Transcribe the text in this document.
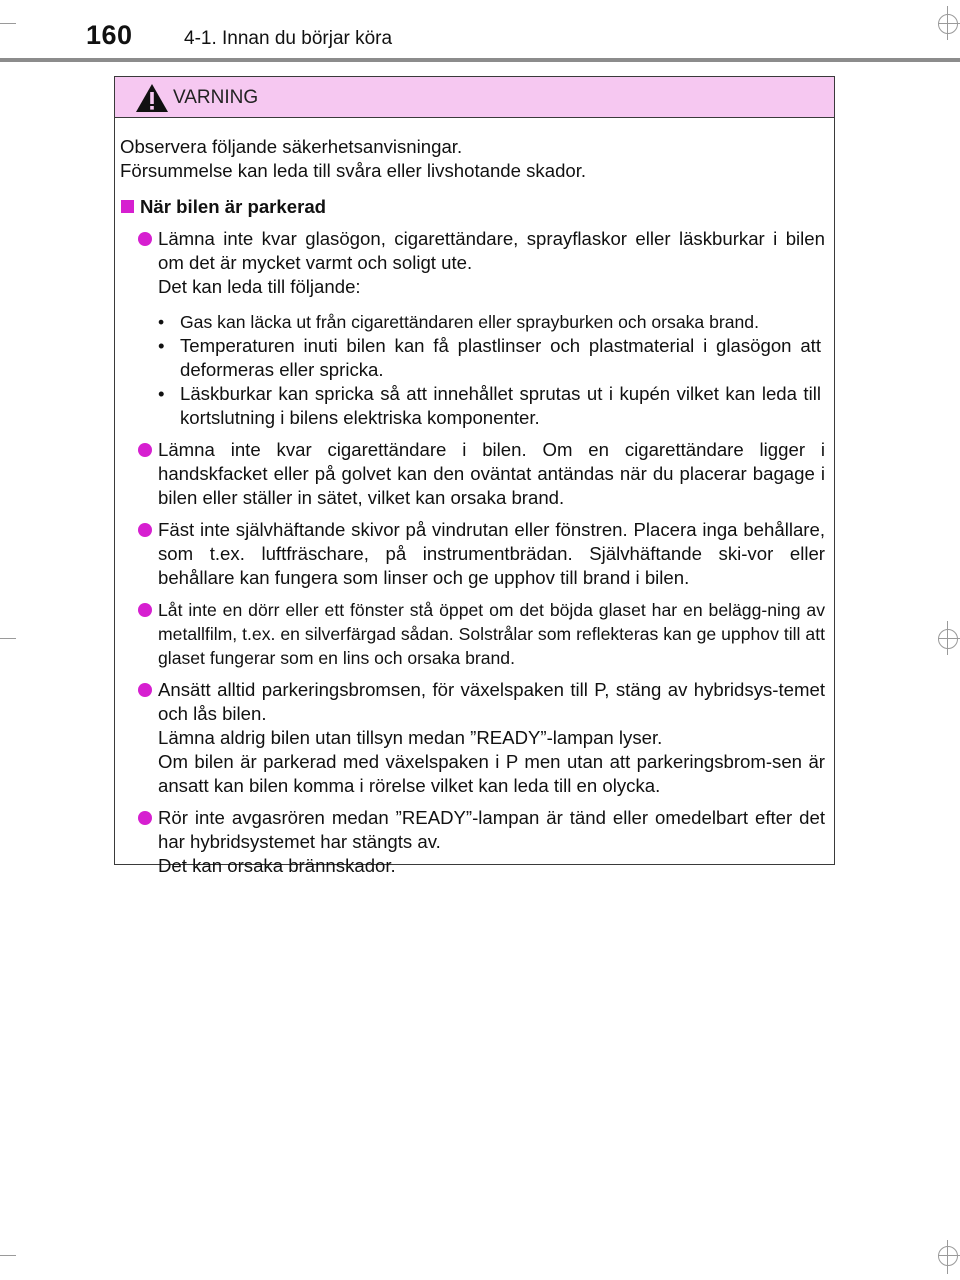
160	4-1. Innan du börjar köra
VARNING

Observera följande säkerhetsanvisningar.

Försummelse kan leda till svåra eller livshotande skador.

När bilen är parkerad

Lämna inte kvar glasögon, cigarettändare, sprayflaskor eller läskburkar i bilen om det är mycket varmt och soligt ute.

Det kan leda till följande:

• Gas kan läcka ut från cigarettändaren eller sprayburken och orsaka brand.
• Temperaturen inuti bilen kan få plastlinser och plastmaterial i glasögon att deformeras eller spricka.
• Läskburkar kan spricka så att innehållet sprutas ut i kupén vilket kan leda till kortslutning i bilens elektriska komponenter.

Lämna inte kvar cigarettändare i bilen. Om en cigarettändare ligger i handskfacket eller på golvet kan den oväntat antändas när du placerar bagage i bilen eller ställer in sätet, vilket kan orsaka brand.

Fäst inte självhäftande skivor på vindrutan eller fönstren. Placera inga behållare, som t.ex. luftfräschare, på instrumentbrädan. Självhäftande ski-vor eller behållare kan fungera som linser och ge upphov till brand i bilen.

Låt inte en dörr eller ett fönster stå öppet om det böjda glaset har en belägg-ning av metallfilm, t.ex. en silverfärgad sådan. Solstrålar som reflekteras kan ge upphov till att glaset fungerar som en lins och orsaka brand.

Ansätt alltid parkeringsbromsen, för växelspaken till P, stäng av hybridsys-temet och lås bilen.

Lämna aldrig bilen utan tillsyn medan ”READY”-lampan lyser.

Om bilen är parkerad med växelspaken i P men utan att parkeringsbrom-sen är ansatt kan bilen komma i rörelse vilket kan leda till en olycka.

Rör inte avgasrören medan ”READY”-lampan är tänd eller omedelbart efter det har hybridsystemet har stängts av.

Det kan orsaka brännskador.
